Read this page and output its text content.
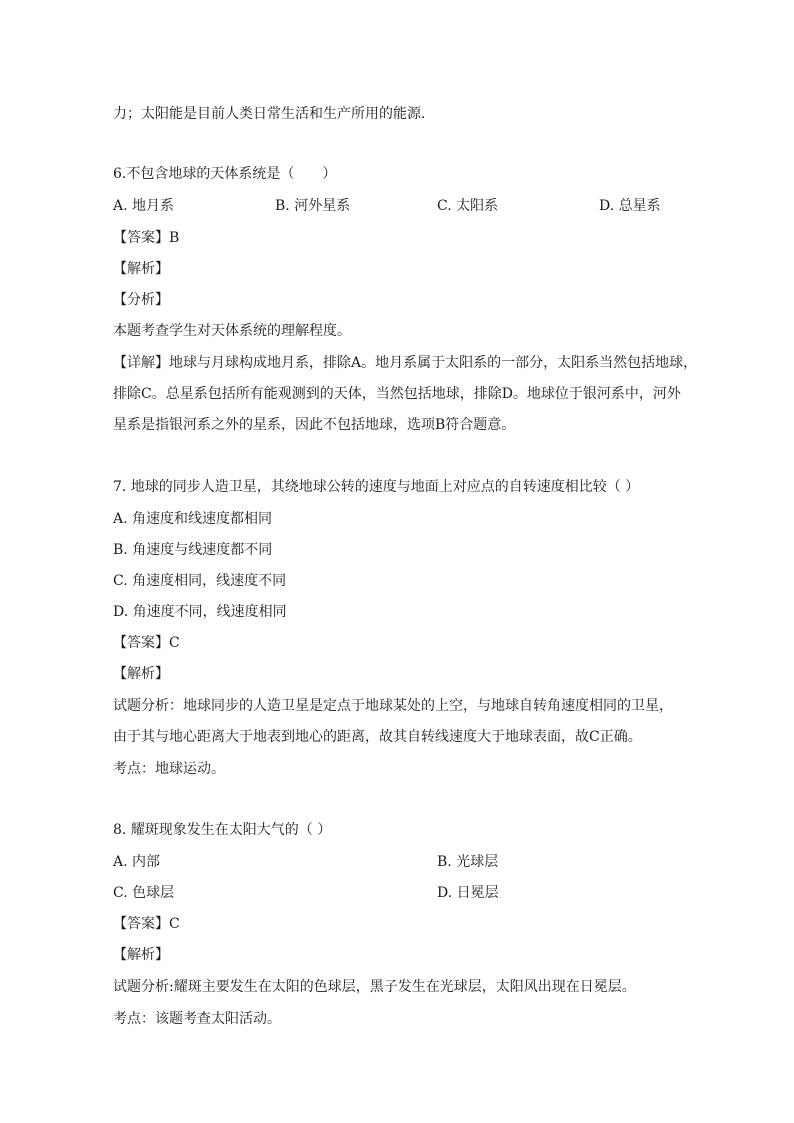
力；太阳能是目前人类日常生活和生产所用的能源.
6.不包含地球的天体系统是（　　）
A. 地月系	B. 河外星系	C. 太阳系	D. 总星系
【答案】B
【解析】
【分析】
本题考查学生对天体系统的理解程度。
【详解】地球与月球构成地月系，排除A。地月系属于太阳系的一部分，太阳系当然包括地球，
排除C。总星系包括所有能观测到的天体，当然包括地球，排除D。地球位于银河系中，河外
星系是指银河系之外的星系，因此不包括地球，选项B符合题意。
7. 地球的同步人造卫星，其绕地球公转的速度与地面上对应点的自转速度相比较（ ）
A. 角速度和线速度都相同
B. 角速度与线速度都不同
C. 角速度相同，线速度不同
D. 角速度不同，线速度相同
【答案】C
【解析】
试题分析：地球同步的人造卫星是定点于地球某处的上空，与地球自转角速度相同的卫星，
由于其与地心距离大于地表到地心的距离，故其自转线速度大于地球表面，故C正确。
考点：地球运动。
8. 耀斑现象发生在太阳大气的（ ）
A. 内部	B. 光球层
C. 色球层	D. 日冕层
【答案】C
【解析】
试题分析:耀斑主要发生在太阳的色球层，黑子发生在光球层，太阳风出现在日冕层。
考点：该题考查太阳活动。
